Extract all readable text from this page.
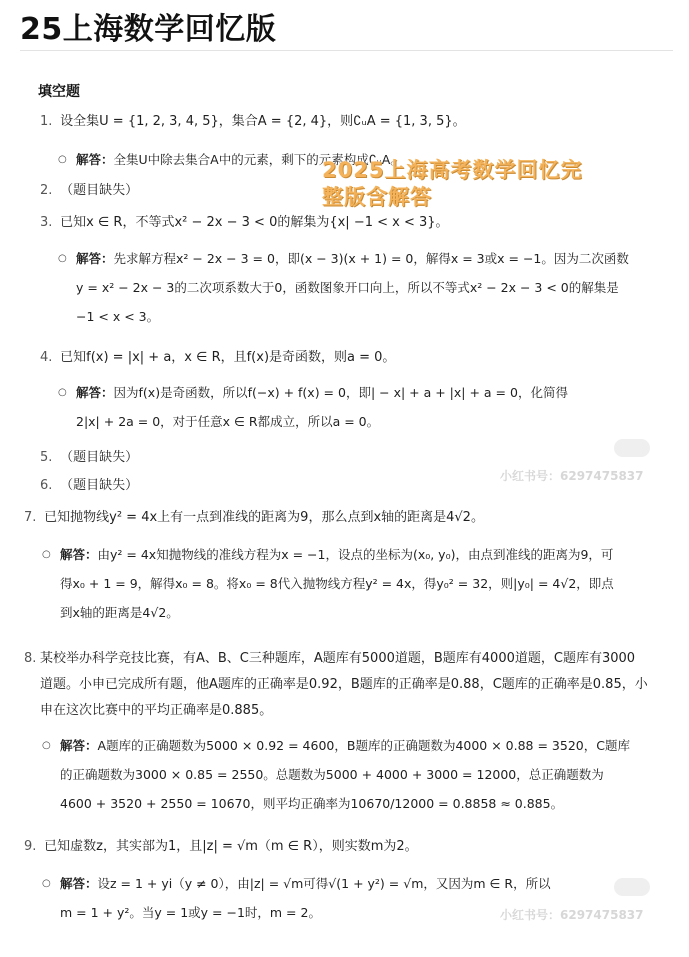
25上海数学回忆版
填空题
1. 设全集U = {1, 2, 3, 4, 5}，集合A = {2, 4}，则∁ᵤA = {1, 3, 5}。
○ 解答：全集U中除去集合A中的元素，剩下的元素构成∁ᵤA。
2. （题目缺失）
3. 已知x ∈ R，不等式x² − 2x − 3 < 0的解集为{x| −1 < x < 3}。
○ 解答：先求解方程x² − 2x − 3 = 0，即(x − 3)(x + 1) = 0，解得x = 3或x = −1。因为二次函数
y = x² − 2x − 3的二次项系数大于0，函数图象开口向上，所以不等式x² − 2x − 3 < 0的解集是
−1 < x < 3。
4. 已知f(x) = |x| + a，x ∈ R，且f(x)是奇函数，则a = 0。
○ 解答：因为f(x)是奇函数，所以f(−x) + f(x) = 0，即| − x| + a + |x| + a = 0，化简得
2|x| + 2a = 0，对于任意x ∈ R都成立，所以a = 0。
5. （题目缺失）
6. （题目缺失）
7. 已知抛物线y² = 4x上有一点到准线的距离为9，那么点到x轴的距离是4√2。
○ 解答：由y² = 4x知抛物线的准线方程为x = −1，设点的坐标为(x₀, y₀)，由点到准线的距离为9，可
得x₀ + 1 = 9，解得x₀ = 8。将x₀ = 8代入抛物线方程y² = 4x，得y₀² = 32，则|y₀| = 4√2，即点
到x轴的距离是4√2。
8. 某校举办科学竞技比赛，有A、B、C三种题库，A题库有5000道题，B题库有4000道题，C题库有3000
道题。小申已完成所有题，他A题库的正确率是0.92，B题库的正确率是0.88，C题库的正确率是0.85，小
申在这次比赛中的平均正确率是0.885。
○ 解答：A题库的正确题数为5000 × 0.92 = 4600，B题库的正确题数为4000 × 0.88 = 3520，C题库
的正确题数为3000 × 0.85 = 2550。总题数为5000 + 4000 + 3000 = 12000，总正确题数为
4600 + 3520 + 2550 = 10670，则平均正确率为10670/12000 = 0.8858 ≈ 0.885。
9. 已知虚数z，其实部为1，且|z| = √m（m ∈ R），则实数m为2。
○ 解答：设z = 1 + yi（y ≠ 0），由|z| = √m可得√(1 + y²) = √m，又因为m ∈ R，所以
m = 1 + y²。当y = 1或y = −1时，m = 2。
2025上海高考数学回忆完
整版含解答
小红书号：6297475837
小红书号：6297475837
